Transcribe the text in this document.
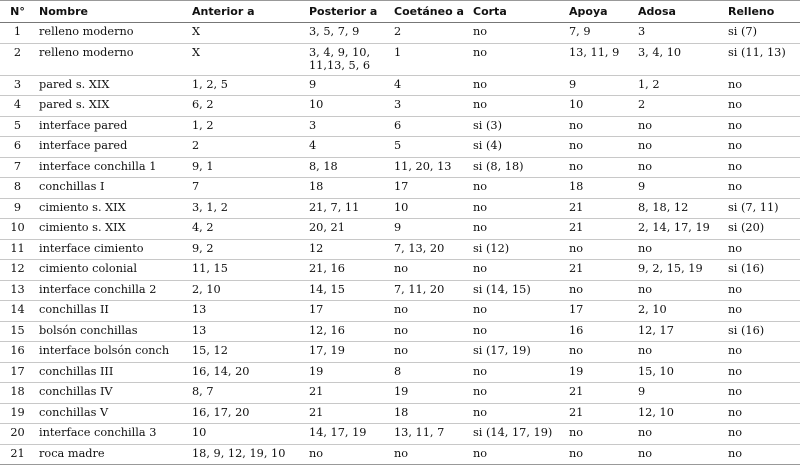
N°	Nombre	Anterior a	Posterior a	Coetáneo a	Corta	Apoya	Adosa	Relleno
1	relleno moderno	X	3, 5, 7, 9	2	no	7, 9	3	si (7)
2	relleno moderno	X	3, 4, 9, 10, 11,13, 5, 6	1	no	13, 11, 9	3, 4, 10	si (11, 13)
3	pared s. XIX	1, 2, 5	9	4	no	9	1, 2	no
4	pared s. XIX	6, 2	10	3	no	10	2	no
5	interface pared	1, 2	3	6	si (3)	no	no	no
6	interface pared	2	4	5	si (4)	no	no	no
7	interface conchilla 1	9, 1	8, 18	11, 20, 13	si (8, 18)	no	no	no
8	conchillas I	7	18	17	no	18	9	no
9	cimiento s. XIX	3, 1, 2	21, 7, 11	10	no	21	8, 18, 12	si (7, 11)
10	cimiento s. XIX	4, 2	20, 21	9	no	21	2, 14, 17, 19	si (20)
11	interface cimiento	9, 2	12	7, 13, 20	si (12)	no	no	no
12	cimiento colonial	11, 15	21, 16	no	no	21	9, 2, 15, 19	si (16)
13	interface conchilla 2	2, 10	14, 15	7, 11, 20	si (14, 15)	no	no	no
14	conchillas II	13	17	no	no	17	2, 10	no
15	bolsón conchillas	13	12, 16	no	no	16	12, 17	si (16)
16	interface bolsón conch	15, 12	17, 19	no	si (17, 19)	no	no	no
17	conchillas III	16, 14, 20	19	8	no	19	15, 10	no
18	conchillas IV	8, 7	21	19	no	21	9	no
19	conchillas V	16, 17, 20	21	18	no	21	12, 10	no
20	interface conchilla 3	10	14, 17, 19	13, 11, 7	si (14, 17, 19)	no	no	no
21	roca madre	18, 9, 12, 19, 10	no	no	no	no	no	no
